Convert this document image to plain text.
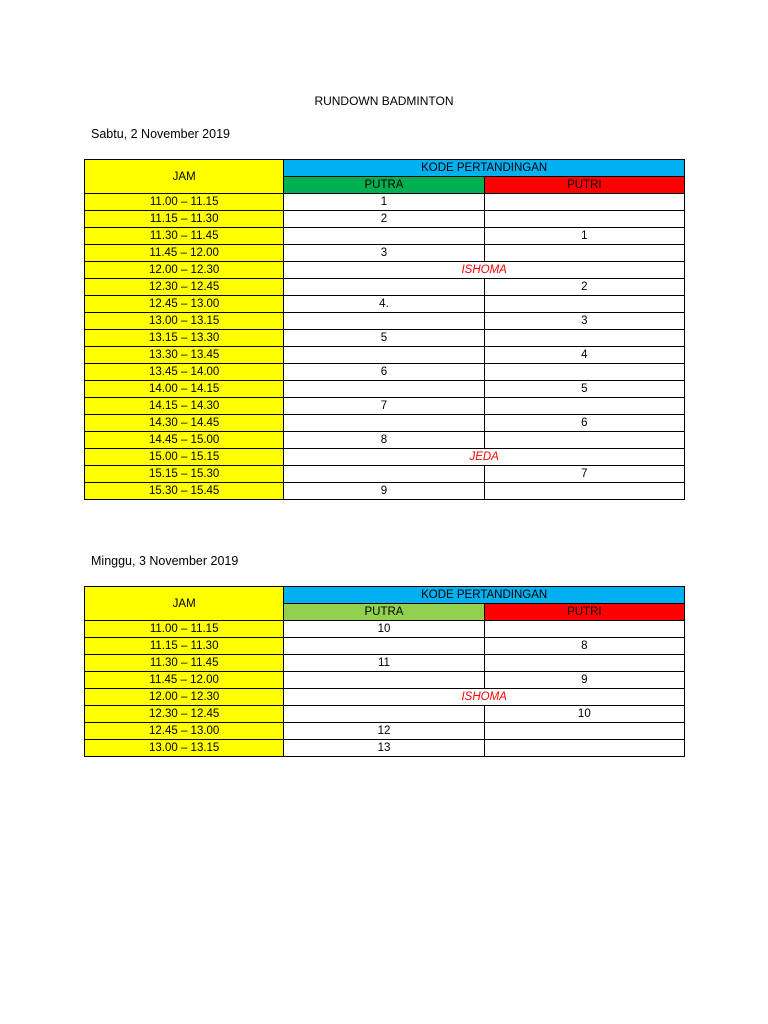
RUNDOWN BADMINTON
Sabtu, 2 November 2019
JAM	KODE PERTANDINGAN	
	PUTRA	PUTRI
11.00 – 11.15	1	
11.15 – 11.30	2	
11.30 – 11.45		1
11.45 – 12.00	3	
12.00 – 12.30	ISHOMA	
12.30 – 12.45		2
12.45 – 13.00	4.	
13.00 – 13.15		3
13.15 – 13.30	5	
13.30 – 13.45		4
13.45 – 14.00	6	
14.00 – 14.15		5
14.15 – 14.30	7	
14.30 – 14.45		6
14.45 – 15.00	8	
15.00 – 15.15	JEDA	
15.15 – 15.30		7
15.30 – 15.45	9	
Minggu, 3 November 2019
JAM	KODE PERTANDINGAN	
	PUTRA	PUTRI
11.00 – 11.15	10	
11.15 – 11.30		8
11.30 – 11.45	11	
11.45 – 12.00		9
12.00 – 12.30	ISHOMA	
12.30 – 12.45		10
12.45 – 13.00	12	
13.00 – 13.15	13	
